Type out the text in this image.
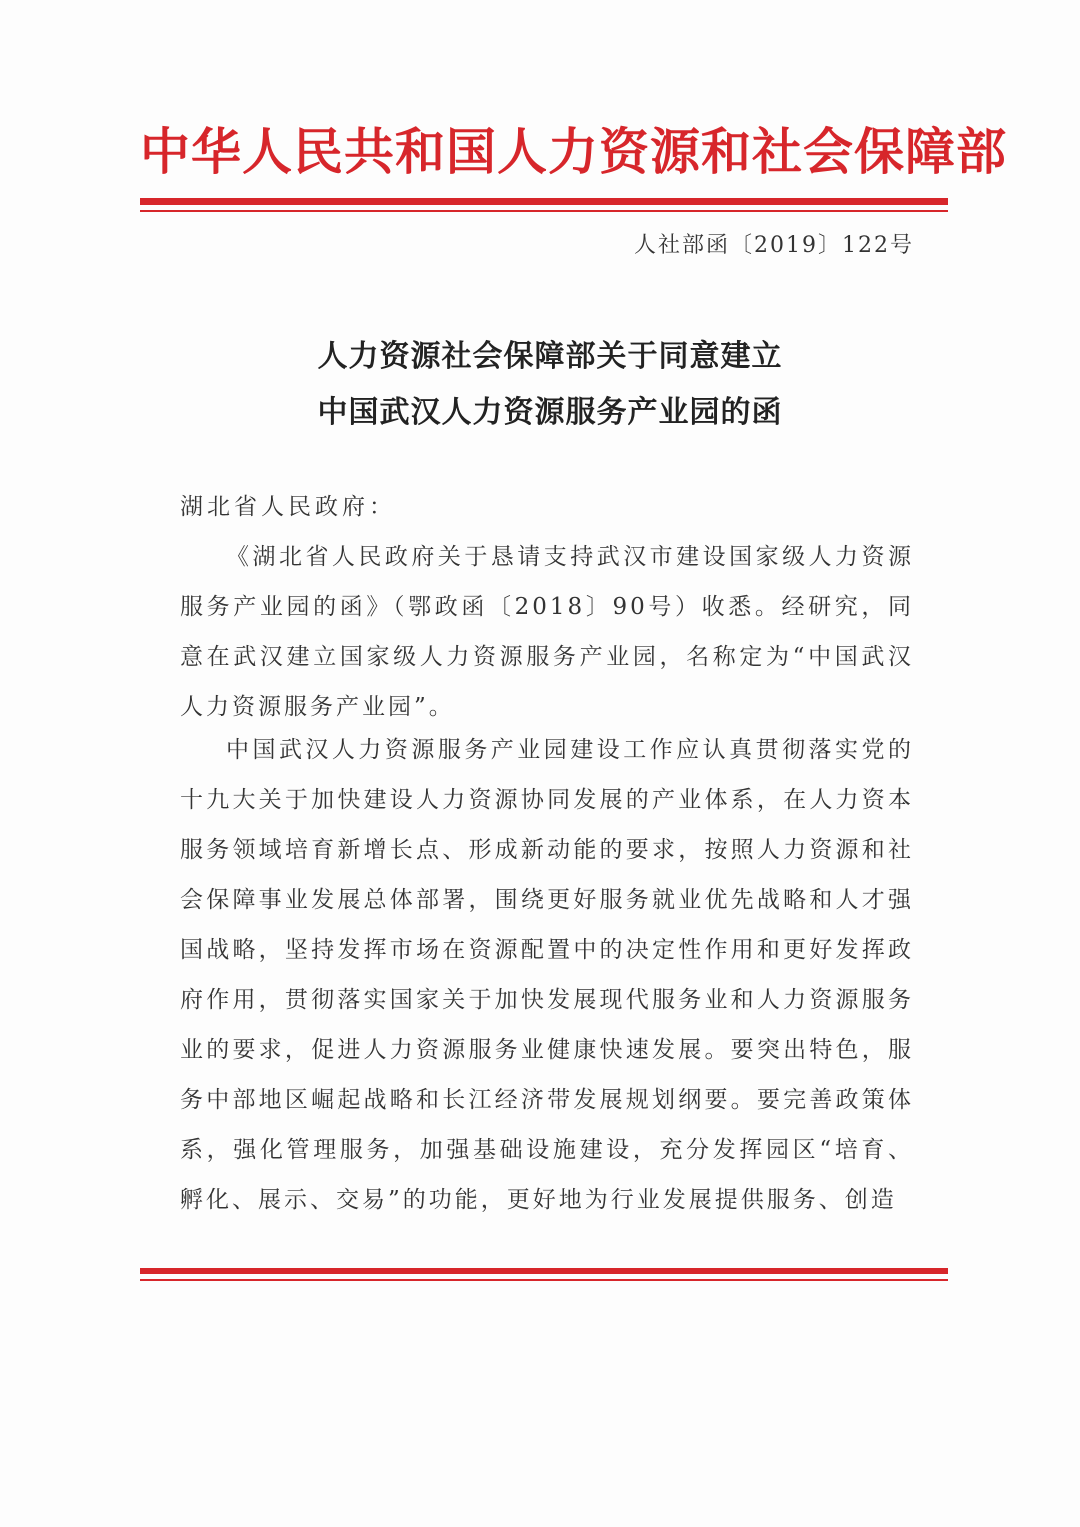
中华人民共和国人力资源和社会保障部
人社部函〔2019〕122号
人力资源社会保障部关于同意建立
中国武汉人力资源服务产业园的函
湖北省人民政府：

《湖北省人民政府关于恳请支持武汉市建设国家级人力资源服务产业园的函》（鄂政函〔2018〕90号）收悉。经研究，同意在武汉建立国家级人力资源服务产业园，名称定为“中国武汉人力资源服务产业园”。

中国武汉人力资源服务产业园建设工作应认真贯彻落实党的十九大关于加快建设人力资源协同发展的产业体系，在人力资本服务领域培育新增长点、形成新动能的要求，按照人力资源和社会保障事业发展总体部署，围绕更好服务就业优先战略和人才强国战略，坚持发挥市场在资源配置中的决定性作用和更好发挥政府作用，贯彻落实国家关于加快发展现代服务业和人力资源服务业的要求，促进人力资源服务业健康快速发展。要突出特色，服务中部地区崛起战略和长江经济带发展规划纲要。要完善政策体系，强化管理服务，加强基础设施建设，充分发挥园区“培育、孵化、展示、交易”的功能，更好地为行业发展提供服务、创造
